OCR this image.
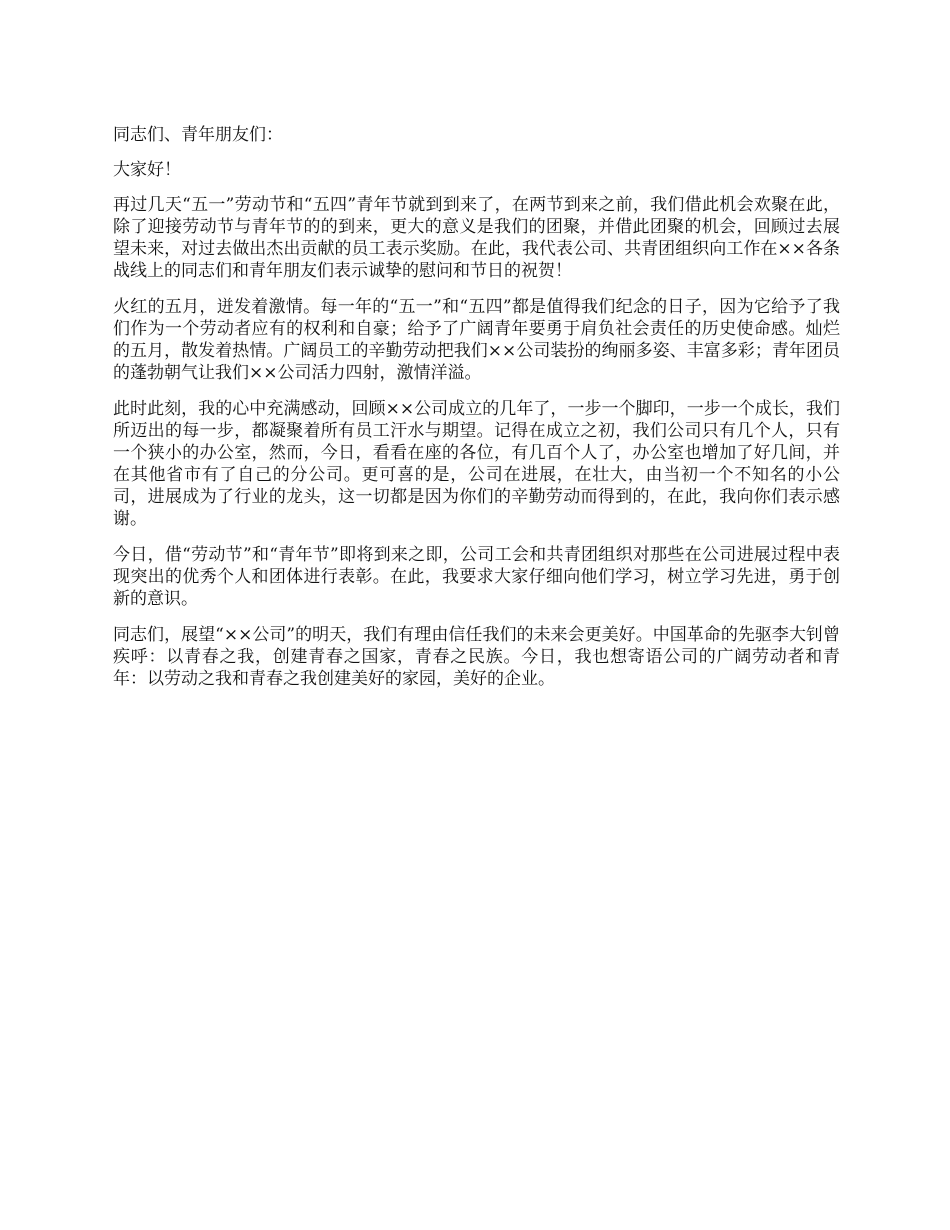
同志们、青年朋友们：

大家好！

再过几天“五一”劳动节和“五四”青年节就到到来了，在两节到来之前，我们借此机会欢聚在此，除了迎接劳动节与青年节的的到来，更大的意义是我们的团聚，并借此团聚的机会，回顾过去展望未来，对过去做出杰出贡献的员工表示奖励。在此，我代表公司、共青团组织向工作在××各条战线上的同志们和青年朋友们表示诚挚的慰问和节日的祝贺！

火红的五月，迸发着激情。每一年的“五一”和“五四”都是值得我们纪念的日子，因为它给予了我们作为一个劳动者应有的权利和自豪；给予了广阔青年要勇于肩负社会责任的历史使命感。灿烂的五月，散发着热情。广阔员工的辛勤劳动把我们××公司装扮的绚丽多姿、丰富多彩；青年团员的蓬勃朝气让我们××公司活力四射，激情洋溢。

此时此刻，我的心中充满感动，回顾××公司成立的几年了，一步一个脚印，一步一个成长，我们所迈出的每一步，都凝聚着所有员工汗水与期望。记得在成立之初，我们公司只有几个人，只有一个狭小的办公室，然而，今日，看看在座的各位，有几百个人了，办公室也增加了好几间，并在其他省市有了自己的分公司。更可喜的是，公司在进展，在壮大，由当初一个不知名的小公司，进展成为了行业的龙头，这一切都是因为你们的辛勤劳动而得到的，在此，我向你们表示感谢。

今日，借“劳动节”和“青年节”即将到来之即，公司工会和共青团组织对那些在公司进展过程中表现突出的优秀个人和团体进行表彰。在此，我要求大家仔细向他们学习，树立学习先进，勇于创新的意识。

同志们，展望“××公司”的明天，我们有理由信任我们的未来会更美好。中国革命的先驱李大钊曾疾呼：以青春之我，创建青春之国家，青春之民族。今日，我也想寄语公司的广阔劳动者和青年：以劳动之我和青春之我创建美好的家园，美好的企业。
